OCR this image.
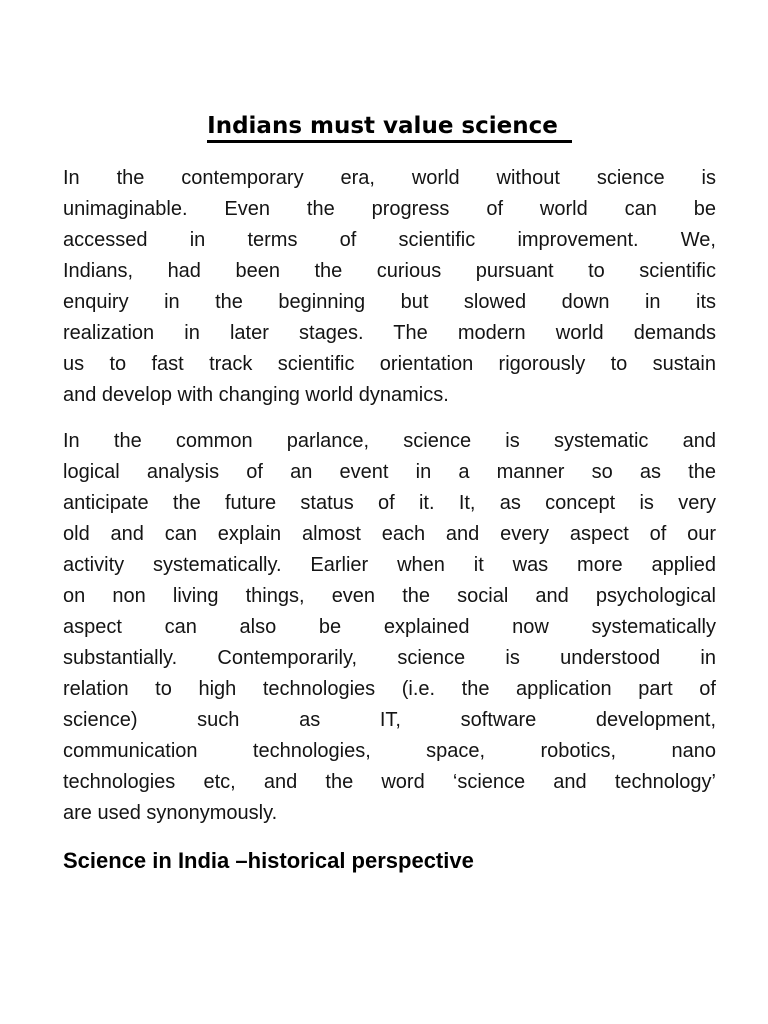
Indians must value science
In the contemporary era, world without science is
unimaginable. Even the progress of world can be
accessed in terms of scientific improvement. We,
Indians, had been the curious pursuant to scientific
enquiry in the beginning but slowed down in its
realization in later stages. The modern world demands
us to fast track scientific orientation rigorously to sustain
and develop with changing world dynamics.
In the common parlance, science is systematic and
logical analysis of an event in a manner so as the
anticipate the future status of it. It, as concept is very
old and can explain almost each and every aspect of our
activity systematically. Earlier when it was more applied
on non living things, even the social and psychological
aspect can also be explained now systematically
substantially. Contemporarily, science is understood in
relation to high technologies (i.e. the application part of
science) such as IT, software development,
communication technologies, space, robotics, nano
technologies etc, and the word ‘science and technology’
are used synonymously.
Science in India –historical perspective
